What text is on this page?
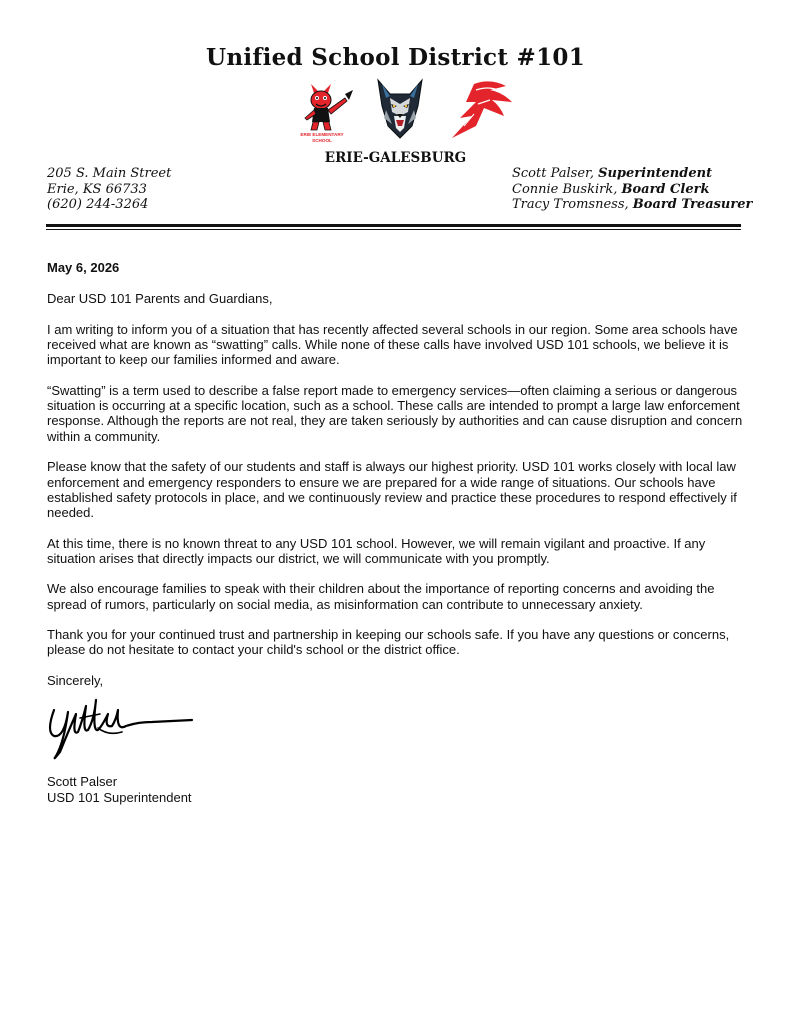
Unified School District #101
ERIE ELEMENTARY
SCHOOL
ERIE-GALESBURG
205 S. Main Street
Erie, KS 66733
(620) 244-3264
Scott Palser, Superintendent
Connie Buskirk, Board Clerk
Tracy Tromsness, Board Treasurer

May 6, 2026

Dear USD 101 Parents and Guardians,

I am writing to inform you of a situation that has recently affected several schools in our region. Some area schools have received what are known as “swatting” calls. While none of these calls have involved USD 101 schools, we believe it is important to keep our families informed and aware.

“Swatting” is a term used to describe a false report made to emergency services—often claiming a serious or dangerous situation is occurring at a specific location, such as a school. These calls are intended to prompt a large law enforcement response. Although the reports are not real, they are taken seriously by authorities and can cause disruption and concern within a community.

Please know that the safety of our students and staff is always our highest priority. USD 101 works closely with local law enforcement and emergency responders to ensure we are prepared for a wide range of situations. Our schools have established safety protocols in place, and we continuously review and practice these procedures to respond effectively if needed.

At this time, there is no known threat to any USD 101 school. However, we will remain vigilant and proactive. If any situation arises that directly impacts our district, we will communicate with you promptly.

We also encourage families to speak with their children about the importance of reporting concerns and avoiding the spread of rumors, particularly on social media, as misinformation can contribute to unnecessary anxiety.

Thank you for your continued trust and partnership in keeping our schools safe. If you have any questions or concerns, please do not hesitate to contact your child's school or the district office.

Sincerely,

Scott Palser
USD 101 Superintendent
